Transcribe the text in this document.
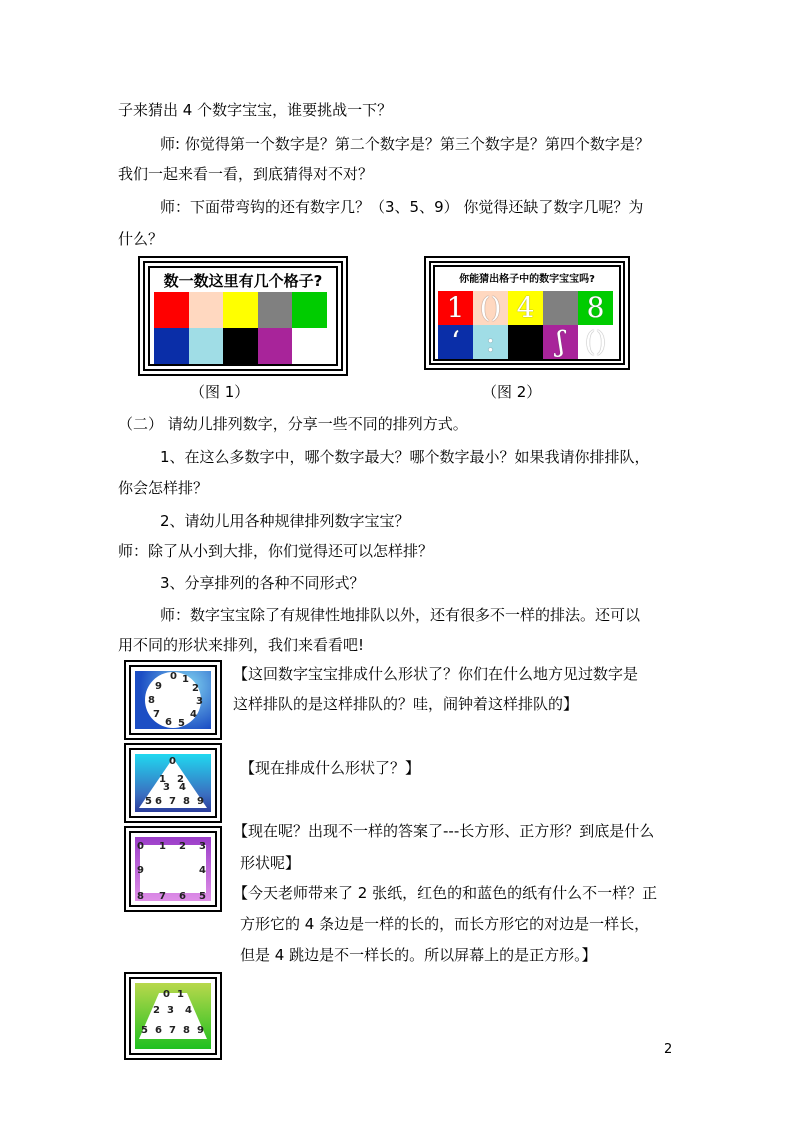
子来猜出 4 个数字宝宝，谁要挑战一下？
师: 你觉得第一个数字是？第二个数字是？第三个数字是？第四个数字是？
我们一起来看一看，到底猜得对不对？
师：下面带弯钩的还有数字几？（3、5、9） 你觉得还缺了数字几呢？为
什么？
数一数这里有几个格子?
（图 1）
你能猜出格子中的数字宝宝吗?
1 () 4	8
ʻ :	ʃ ()
（图 2）
（二） 请幼儿排列数字，分享一些不同的排列方式。
1、在这么多数字中，哪个数字最大？哪个数字最小？如果我请你排排队，
你会怎样排？
2、请幼儿用各种规律排列数字宝宝？
师：除了从小到大排，你们觉得还可以怎样排？
3、分享排列的各种不同形式？
师：数字宝宝除了有规律性地排队以外，还有很多不一样的排法。还可以
用不同的形状来排列，我们来看看吧!
0 1
2
3
4
5
6
7
8
9
【这回数字宝宝排成什么形状了？你们在什么地方见过数字是
这样排队的是这样排队的？哇，闹钟着这样排队的】
0
1 2
3 4
5 6 7 8 9
【现在排成什么形状了？】
0 1 2 3
4
5
6
7
8
9
【现在呢？出现不一样的答案了---长方形、正方形？到底是什么
形状呢】
【今天老师带来了 2 张纸，红色的和蓝色的纸有什么不一样？正
方形它的 4 条边是一样的长的，而长方形它的对边是一样长，
但是 4 跳边是不一样长的。所以屏幕上的是正方形。】
0 1
2 3 4
5 6 7 8 9
2
